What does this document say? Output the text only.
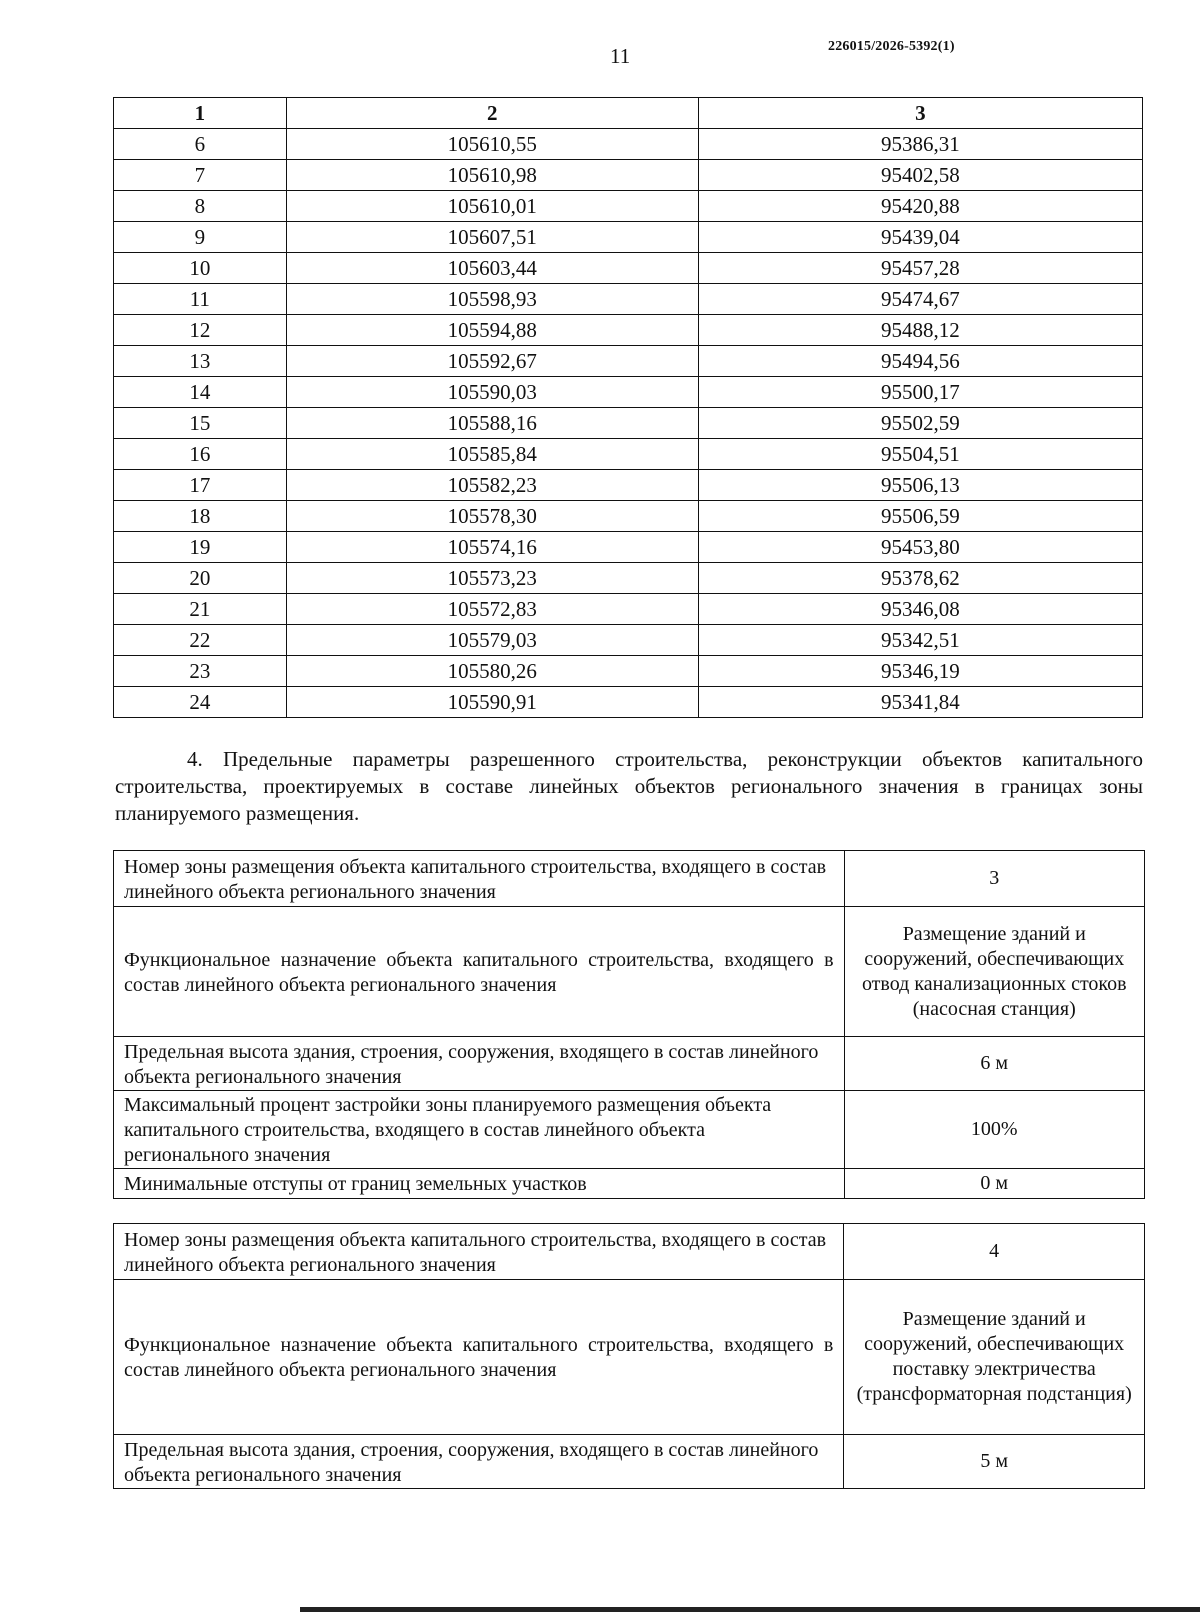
11	226015/2026-5392(1)
1	2	3
6	105610,55	95386,31
7	105610,98	95402,58
8	105610,01	95420,88
9	105607,51	95439,04
10	105603,44	95457,28
11	105598,93	95474,67
12	105594,88	95488,12
13	105592,67	95494,56
14	105590,03	95500,17
15	105588,16	95502,59
16	105585,84	95504,51
17	105582,23	95506,13
18	105578,30	95506,59
19	105574,16	95453,80
20	105573,23	95378,62
21	105572,83	95346,08
22	105579,03	95342,51
23	105580,26	95346,19
24	105590,91	95341,84
4. Предельные параметры разрешенного строительства, реконструкции объектов капитального строительства, проектируемых в составе линейных объектов регионального значения в границах зоны планируемого размещения.
Номер зоны размещения объекта капитального строительства, входящего в состав линейного объекта регионального значения	3
Функциональное назначение объекта капитального строительства, входящего в состав линейного объекта регионального значения	Размещение зданий и сооружений, обеспечивающих отвод канализационных стоков (насосная станция)
Предельная высота здания, строения, сооружения, входящего в состав линейного объекта регионального значения	6 м
Максимальный процент застройки зоны планируемого размещения объекта капитального строительства, входящего в состав линейного объекта регионального значения	100%
Минимальные отступы от границ земельных участков	0 м
Номер зоны размещения объекта капитального строительства, входящего в состав линейного объекта регионального значения	4
Функциональное назначение объекта капитального строительства, входящего в состав линейного объекта регионального значения	Размещение зданий и сооружений, обеспечивающих поставку электричества (трансформаторная подстанция)
Предельная высота здания, строения, сооружения, входящего в состав линейного объекта регионального значения	5 м
